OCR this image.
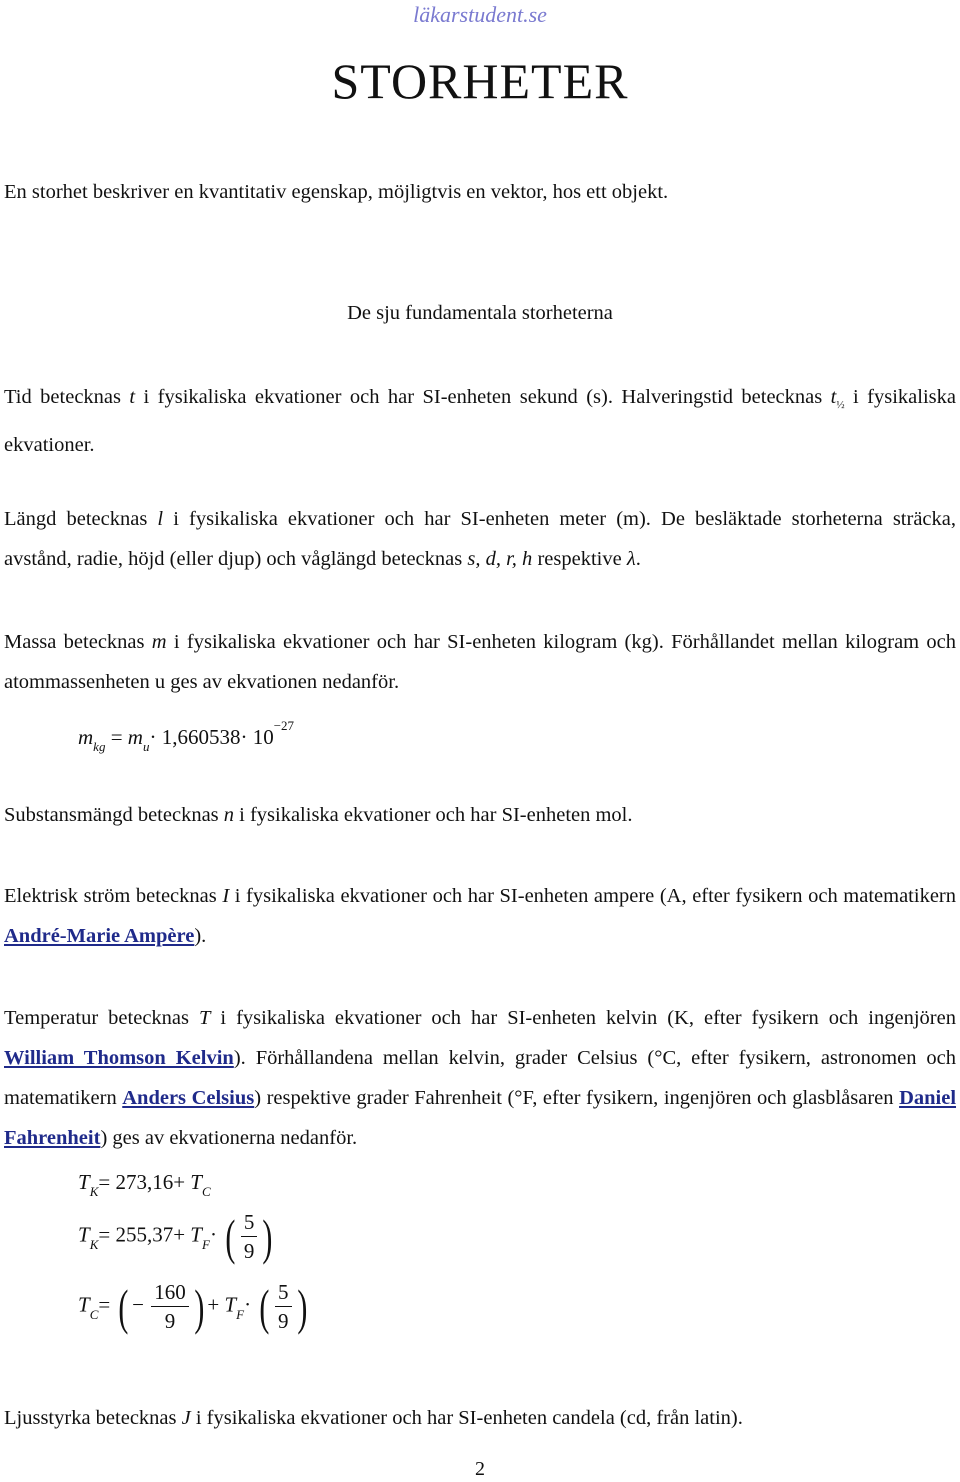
läkarstudent.se
STORHETER
En storhet beskriver en kvantitativ egenskap, möjligtvis en vektor, hos ett objekt.
De sju fundamentala storheterna
Tid betecknas t i fysikaliska ekvationer och har SI-enheten sekund (s). Halveringstid betecknas $t_{\frac{1}{2}}$ i fysikaliska ekvationer.
Längd betecknas l i fysikaliska ekvationer och har SI-enheten meter (m). De besläktade storheterna sträcka, avstånd, radie, höjd (eller djup) och våglängd betecknas s, d, r, h respektive λ.
Massa betecknas m i fysikaliska ekvationer och har SI-enheten kilogram (kg). Förhållandet mellan kilogram och atommassenheten u ges av ekvationen nedanför.
$m_{kg} = m_u\cdot 1,660538\cdot 10^{-27}$
Substansmängd betecknas n i fysikaliska ekvationer och har SI-enheten mol.
Elektrisk ström betecknas I i fysikaliska ekvationer och har SI-enheten ampere (A, efter fysikern och matematikern André-Marie Ampère).
Temperatur betecknas T i fysikaliska ekvationer och har SI-enheten kelvin (K, efter fysikern och ingenjören William Thomson Kelvin). Förhållandena mellan kelvin, grader Celsius (°C, efter fysikern, astronomen och matematikern Anders Celsius) respektive grader Fahrenheit (°F, efter fysikern, ingenjören och glasblåsaren Daniel Fahrenheit) ges av ekvationerna nedanför.
$T_K= 273,16+ T_C$
$T_K= 255,37+ T_F\cdot$ ( $\frac{5}{9}$ )
$T_C=$ ( − $\frac{160}{9}$ ) + $T_F\cdot$ ( $\frac{5}{9}$ )
Ljusstyrka betecknas J i fysikaliska ekvationer och har SI-enheten candela (cd, från latin).
2
